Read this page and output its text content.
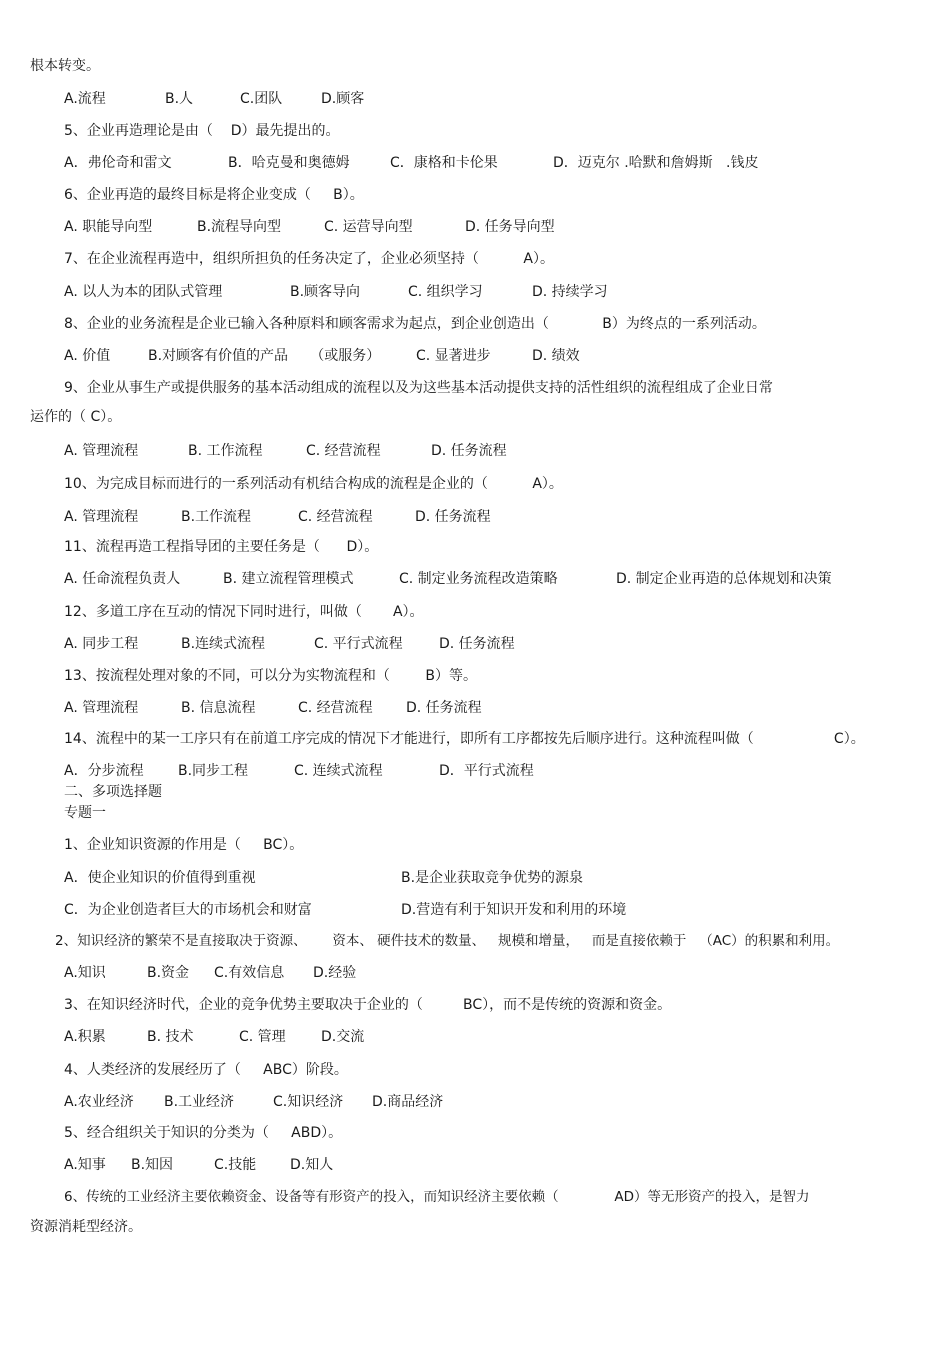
根本转变。
A.流程	B.人	C.团队	D.顾客
5、企业再造理论是由（    D）最先提出的。
A．弗伦奇和雷文	B．哈克曼和奥德姆	C．康格和卡伦果	D．迈克尔 .哈默和詹姆斯   .钱皮
6、企业再造的最终目标是将企业变成（     B）。
A. 职能导向型	B.流程导向型	C. 运营导向型	D. 任务导向型
7、在企业流程再造中，组织所担负的任务决定了，企业必须坚持（          A）。
A. 以人为本的团队式管理	B.顾客导向	C. 组织学习	D. 持续学习
8、企业的业务流程是企业已输入各种原料和顾客需求为起点，到企业创造出（            B）为终点的一系列活动。
A. 价值	B.对顾客有价值的产品     （或服务）	C. 显著进步	D. 绩效
9、企业从事生产或提供服务的基本活动组成的流程以及为这些基本活动提供支持的活性组织的流程组成了企业日常
运作的（ C）。
A. 管理流程	B. 工作流程	C. 经营流程	D. 任务流程
10、为完成目标而进行的一系列活动有机结合构成的流程是企业的（          A）。
A. 管理流程	B.工作流程	C. 经营流程	D. 任务流程
11、流程再造工程指导团的主要任务是（      D）。
A. 任命流程负责人	B. 建立流程管理模式	C. 制定业务流程改造策略	D. 制定企业再造的总体规划和决策
12、多道工序在互动的情况下同时进行，叫做（       A）。
A. 同步工程	B.连续式流程	C. 平行式流程	D. 任务流程
13、按流程处理对象的不同，可以分为实物流程和（        B）等。
A. 管理流程	B. 信息流程	C. 经营流程 D. 任务流程
14、流程中的某一工序只有在前道工序完成的情况下才能进行，即所有工序都按先后顺序进行。这种流程叫做（                  C）。
A．分步流程 B.同步工程	C. 连续式流程	D．平行式流程
二、多项选择题
专题一
1、企业知识资源的作用是（     BC）。
A．使企业知识的价值得到重视	B.是企业获取竞争优势的源泉
C．为企业创造者巨大的市场机会和财富	D.营造有利于知识开发和利用的环境
2、知识经济的繁荣不是直接取决于资源、      资本、 硬件技术的数量、   规模和增量，   而是直接依赖于   （AC）的积累和利用。
A.知识	B.资金 C.有效信息 D.经验
3、在知识经济时代，企业的竞争优势主要取决于企业的（         BC），而不是传统的资源和资金。
A.积累	B. 技术	C. 管理	D.交流
4、人类经济的发展经历了（     ABC）阶段。
A.农业经济 B.工业经济	C.知识经济 D.商品经济
5、经合组织关于知识的分类为（     ABD）。
A.知事 B.知因	C.技能 D.知人
6、传统的工业经济主要依赖资金、设备等有形资产的投入，而知识经济主要依赖（             AD）等无形资产的投入，是智力
资源消耗型经济。
